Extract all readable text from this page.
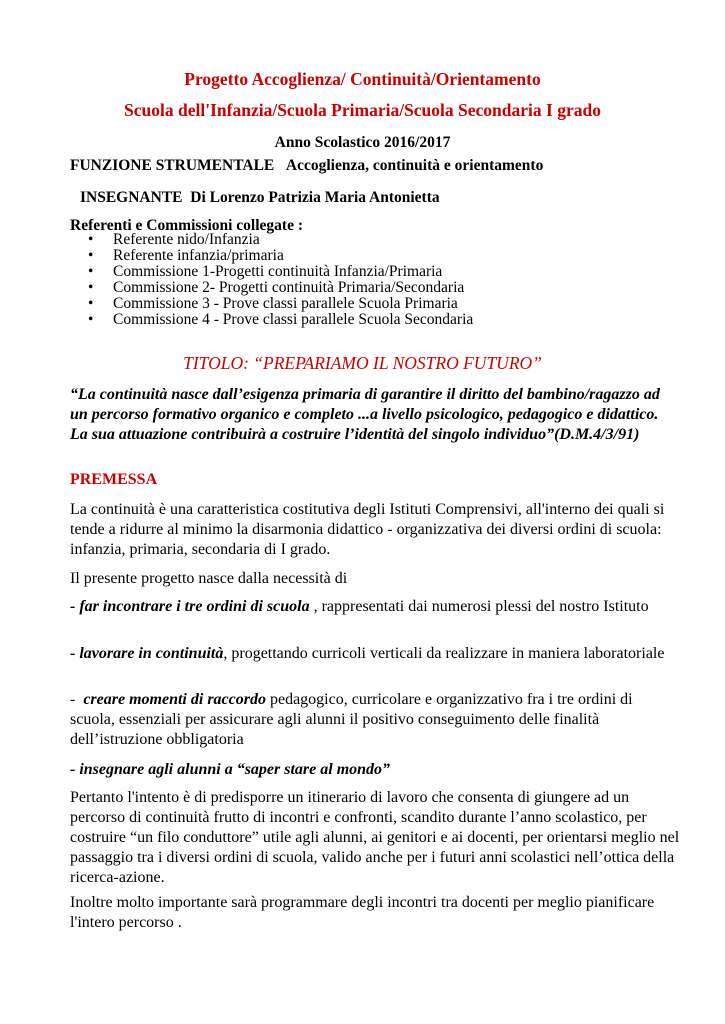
Progetto Accoglienza/ Continuità/Orientamento
Scuola dell'Infanzia/Scuola Primaria/Scuola Secondaria I grado
Anno Scolastico 2016/2017
FUNZIONE STRUMENTALE Accoglienza, continuità e orientamento
INSEGNANTE Di Lorenzo Patrizia Maria Antonietta
Referenti e Commissioni collegate :
• Referente nido/Infanzia
• Referente infanzia/primaria
• Commissione 1-Progetti continuità Infanzia/Primaria
• Commissione 2- Progetti continuità Primaria/Secondaria
• Commissione 3 - Prove classi parallele Scuola Primaria
• Commissione 4 - Prove classi parallele Scuola Secondaria
TITOLO: “PREPARIAMO IL NOSTRO FUTURO”
“La continuità nasce dall’esigenza primaria di garantire il diritto del bambino/ragazzo ad un percorso formativo organico e completo ...a livello psicologico, pedagogico e didattico. La sua attuazione contribuirà a costruire l’identità del singolo individuo”(D.M.4/3/91)
PREMESSA
La continuità è una caratteristica costitutiva degli Istituti Comprensivi, all'interno dei quali si tende a ridurre al minimo la disarmonia didattico - organizzativa dei diversi ordini di scuola: infanzia, primaria, secondaria di I grado.
Il presente progetto nasce dalla necessità di
- far incontrare i tre ordini di scuola , rappresentati dai numerosi plessi del nostro Istituto
- lavorare in continuità, progettando curricoli verticali da realizzare in maniera laboratoriale
-  creare momenti di raccordo pedagogico, curricolare e organizzativo fra i tre ordini di scuola, essenziali per assicurare agli alunni il positivo conseguimento delle finalità dell’istruzione obbligatoria
- insegnare agli alunni a “saper stare al mondo”
Pertanto l'intento è di predisporre un itinerario di lavoro che consenta di giungere ad un percorso di continuità frutto di incontri e confronti, scandito durante l’anno scolastico, per costruire “un filo conduttore” utile agli alunni, ai genitori e ai docenti, per orientarsi meglio nel passaggio tra i diversi ordini di scuola, valido anche per i futuri anni scolastici nell’ottica della ricerca-azione.
Inoltre molto importante sarà programmare degli incontri tra docenti per meglio pianificare l'intero percorso .
